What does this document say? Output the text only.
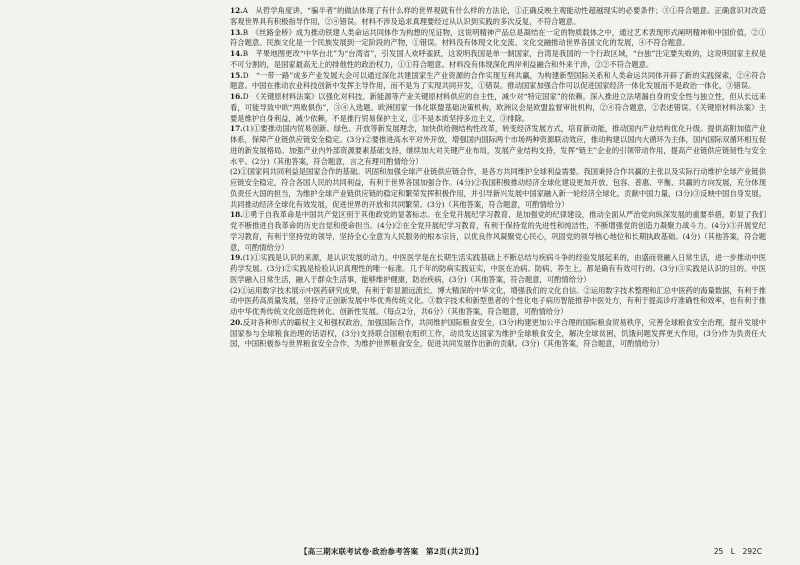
12.A　从哲学角度讲，“骗半者”的做法体现了有什么样的世界观就有什么样的方法论，①正确反映主观能动性超越现实的必要条件；③①符合题意。正确意识对改造客观世界具有积极指导作用，②④错误。材料不涉及追求真理要经过从认识到实践的多次反复，不符合题意。

13.B　《丝路金桥》成为推动铁建人类命运共同体作为构想的见证物，这说明精神产品总是凝结在一定的物质载体之中，通过艺术表现形式阐明精神和中国价值，②①符合题意。民族文化是一个民族发展到一定阶段的产物，①错误。材料没有体现文化交流、文化交融推动世界各国文化的发展，④不符合题意。

14.B　芊果地图更改“中华台北”为“台湾省”，引发国人欢呼雀跃，这说明我国是单一制国家，台湾是我国的一个行政区域，“台独”注定要失败的，这说明国家主权是不可分割的，是国家最高无上的排他性的政治权力，①①符合题意。材料没有体现深化两岸利益融合和外来干涉，②②不符合题意。

15.D　“一带一路”成多产业发展大会可以通过深化共建国家生产业资源的合作实现互利共赢，为构建新型国际关系和人类命运共同体开辟了新的实践探索，②④符合题意。中国在推动农业科技创新中发挥主导作用，而不是为了实现共同开发，①错误。推动国家加强合作可以促进国家经济一体化发展而不是政治一体化，③错误。

16.D　《关键原材料法案》以强化对科技、新能源等产业关键原材料供应的自主性，减少对“特定国家”的依赖。深入推进立法堵漏自身的安全性与独立性，但从长远来看，可能导致中欧“两败俱伤”，③④入选题。欧洲国家一体化联盟基础决策机构，欧洲议会是欧盟监督审批机构，②④符合题意，②表述错误。《关键原材料法案》主要是维护自身利益，减少依赖，不是推行贸易保护主义，①不是本质坚持多边主义，③排除。

17.(1)①要推动国内贸易创新、绿色、开放等新发展理念，加快供给侧结构性改革，转变经济发展方式，培育新动能，推动国内产业结构优化升级。提供高附加值产业体系，保障产业链供应链安全稳定。(3分)②要推进高水平对外开放，增强国内国际两个市场两种资源联动效应，推动构建以国内大循环为主体，国内国际双循环相互促进的新发展格局。加强产业内外部资源要素基础支持，继续加大对关键产业布局，发展产业结构支持，发挥“链主”企业的引领带动作用，提高产业链供应链韧性与安全水平。(2分)（其他答案，符合题意，言之有理可酌情给分）

(2)①国家间共同利益是国家合作的基础。巩固和加强全球产业链供应链合作，是各方共同维护全球利益需要。我国秉持合作共赢的主张以及实际行动维护全球产业链供应链安全稳定，符合各国人民的共同利益，有利于世界各国加强合作。(4分)②我国积极推动经济全球化建设更加开放、包容、普惠、平衡、共赢的方向发展，充分体现负责任大国的担当，为维护全球产业链供应链的稳定和繁荣发挥积极作用，并引导新兴发展中国家融入新一轮经济全球化，贡献中国力量，(3分)③反映中国自身发展，共同推动经济全球化有效发展，促进世界的开放和共同繁荣。(3分)（其他答案，符合题意，可酌情给分）

18.①勇于自我革命是中国共产党区别于其他政党的显著标志。在全党开展纪学习教育，是加强党的纪律建设，推动全面从严治党向纵深发展的重要举措，彰显了我们党不断推进自我革命的历史自觉和使命担当。(4分)②在全党开展纪学习教育，有利于保持党的先进性和纯洁性，不断增强党的创造力凝聚力战斗力。(4分)③开展党纪学习教育，有利于坚持党的领导，坚持全心全意为人民服务的根本宗旨，以优良作风凝聚党心民心，巩固党的领导核心地位和长期执政基础。(4分)（其他答案，符合题意，可酌情给分）

19.(1)①实践是认识的来源，是认识发展的动力。中医医学是在长期生活实践基础上不断总结与疾病斗争的经验发展起来的，由盛而衰融入日常生活，进一步推动中医药学发展。(3分)②实践是检验认识真理性的唯一标准。几千年的防病实践证实，中医在冶病、防病、养生上，都是确有有效可行的。(3分)③实践是认识的目的。中医医学融入日常生活，融入于群众生活事，能够维护健康，防治疾病，(3分)（其他答案，符合题意，可酌情给分）

(2)①运用数字技术展示中医药研究成果，有利于彰显源远流长、博大精深的中华文化，增强我们的文化自信。②运用数字技术整理和汇总中医药的海量数据，有利于推动中医药高质量发展，坚持守正创新发展中华优秀传统文化。③数字技术和新型患者的个性化电子病历智能推荐中医处方，有利于提高诊疗准确性和效率，也有利于推动中华优秀传统文化创造性转化、创新性发展。（每点2分，共6分）（其他答案，符合题意，可酌情给分）

20.反对各种形式的霸权主义和强权政治，加强国际合作，共同维护国际粮食安全，(3分)构建更加公平合理的国际粮食贸易秩序，完善全球粮食安全治理，提升发展中国家参与全球粮食治理的话语权，(3分)支持联合国粮农组织工作，动员发达国家为维护全球粮食安全，解决全球贫困，饥饿问题发挥更大作用，(3分)作为负责任大国，中国积极参与世界粮食安全合作，为维护世界粮食安全，促进共同发展作出新的贡献。(3分)（其他答案，符合题意，可酌情给分）

【高三期末联考试卷·政治参考答案　第2页(共2页)】	25　L　292C
